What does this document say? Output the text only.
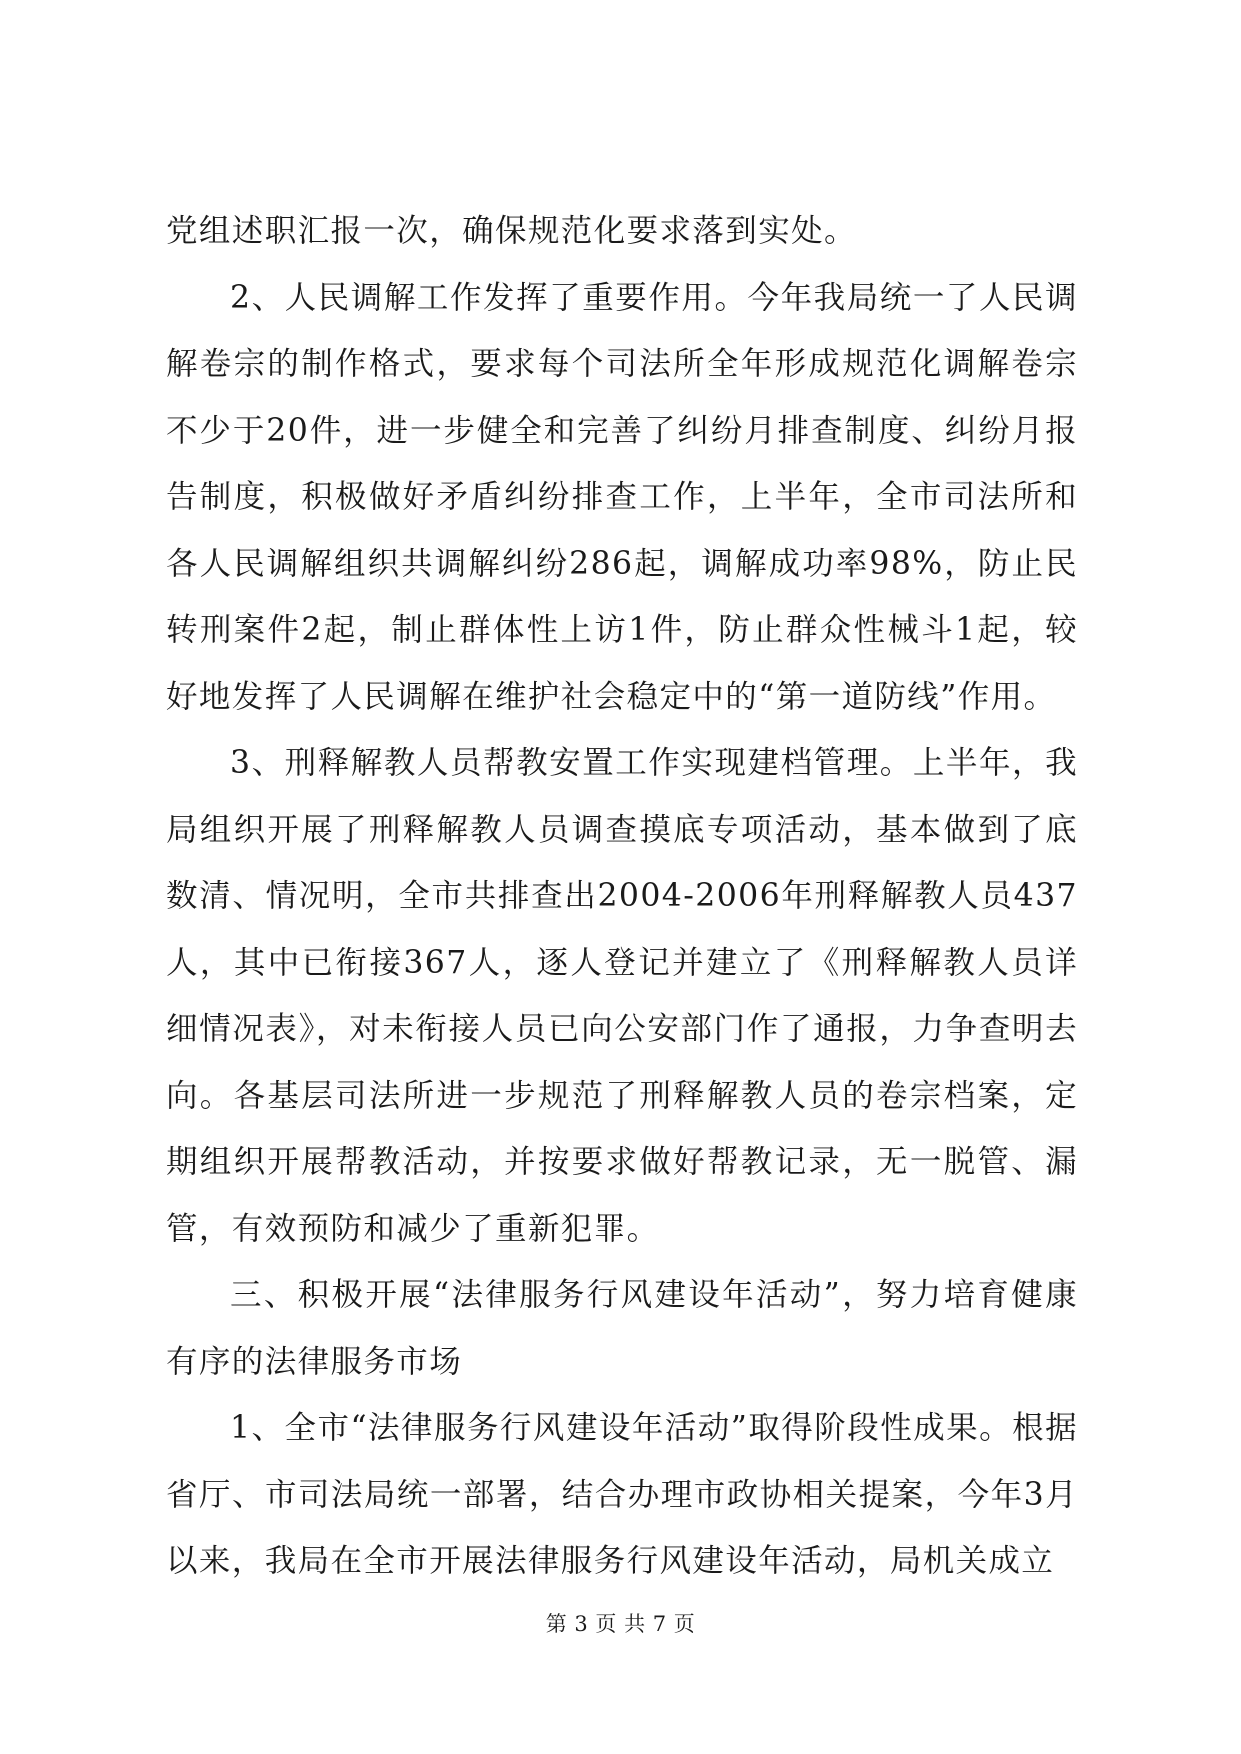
党组述职汇报一次，确保规范化要求落到实处。

2、人民调解工作发挥了重要作用。今年我局统一了人民调解卷宗的制作格式，要求每个司法所全年形成规范化调解卷宗不少于20件，进一步健全和完善了纠纷月排查制度、纠纷月报告制度，积极做好矛盾纠纷排查工作，上半年，全市司法所和各人民调解组织共调解纠纷286起，调解成功率98%，防止民转刑案件2起，制止群体性上访1件，防止群众性械斗1起，较好地发挥了人民调解在维护社会稳定中的“第一道防线”作用。

3、刑释解教人员帮教安置工作实现建档管理。上半年，我局组织开展了刑释解教人员调查摸底专项活动，基本做到了底数清、情况明，全市共排查出2004-2006年刑释解教人员437人，其中已衔接367人，逐人登记并建立了《刑释解教人员详细情况表》，对未衔接人员已向公安部门作了通报，力争查明去向。各基层司法所进一步规范了刑释解教人员的卷宗档案，定期组织开展帮教活动，并按要求做好帮教记录，无一脱管、漏管，有效预防和减少了重新犯罪。

三、积极开展“法律服务行风建设年活动”，努力培育健康有序的法律服务市场

1、全市“法律服务行风建设年活动”取得阶段性成果。根据省厅、市司法局统一部署，结合办理市政协相关提案，今年3月以来，我局在全市开展法律服务行风建设年活动，局机关成立

第 3 页 共 7 页
